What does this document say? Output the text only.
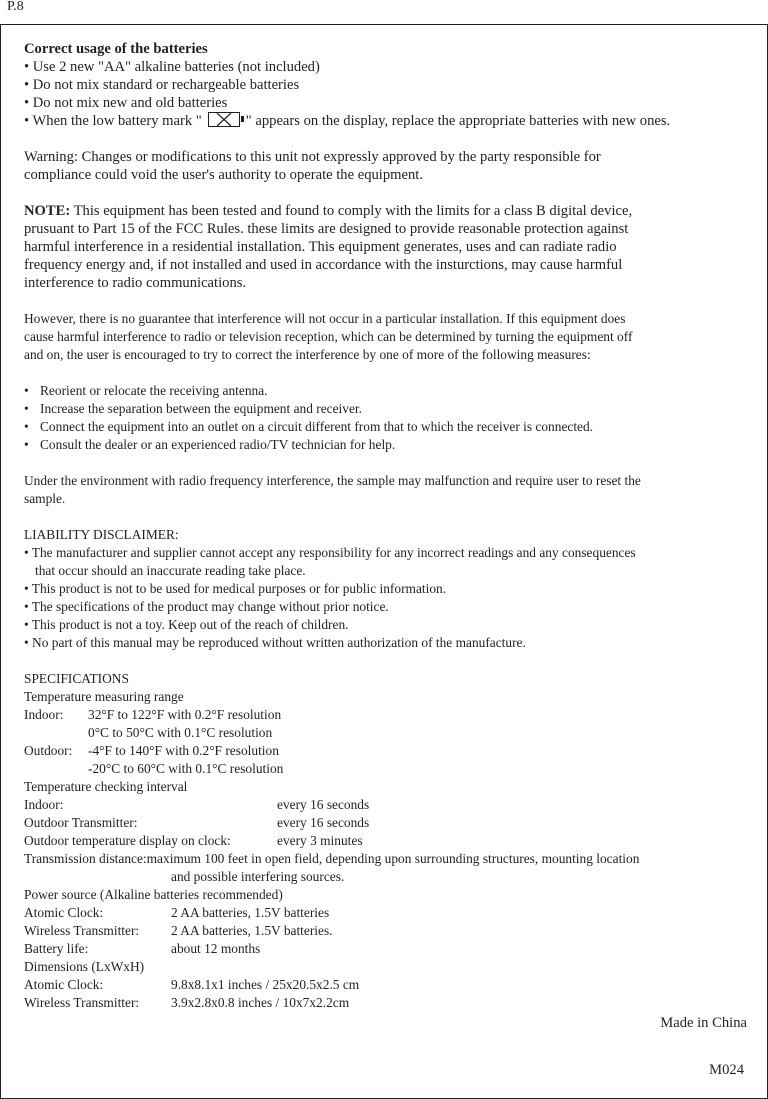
P.8
Correct usage of the batteries
• Use 2 new "AA" alkaline batteries (not included)
• Do not mix standard or rechargeable batteries
• Do not mix new and old batteries
• When the low battery mark "	" appears on the display, replace the appropriate batteries with new ones.
Warning: Changes or modifications to this unit not expressly approved by the party responsible for
compliance could void the user's authority to operate the equipment.
NOTE: This equipment has been tested and found to comply with the limits for a class B digital device,
prusuant to Part 15 of the FCC Rules. these limits are designed to provide reasonable protection against
harmful interference in a residential installation. This equipment generates, uses and can radiate radio
frequency energy and, if not installed and used in accordance with the insturctions, may cause harmful
interference to radio communications.
However, there is no guarantee that interference will not occur in a particular installation. If this equipment does
cause harmful interference to radio or television reception, which can be determined by turning the equipment off
and on, the user is encouraged to try to correct the interference by one of more of the following measures:
• Reorient or relocate the receiving antenna.
• Increase the separation between the equipment and receiver.
• Connect the equipment into an outlet on a circuit different from that to which the receiver is connected.
• Consult the dealer or an experienced radio/TV technician for help.
Under the environment with radio frequency interference, the sample may malfunction and require user to reset the
sample.
LIABILITY DISCLAIMER:
• The manufacturer and supplier cannot accept any responsibility for any incorrect readings and any consequences
that occur should an inaccurate reading take place.
• This product is not to be used for medical purposes or for public information.
• The specifications of the product may change without prior notice.
• This product is not a toy. Keep out of the reach of children.
• No part of this manual may be reproduced without written authorization of the manufacture.
SPECIFICATIONS
Temperature measuring range
Indoor:	32°F to 122°F with 0.2°F resolution
0°C to 50°C with 0.1°C resolution
Outdoor:	-4°F to 140°F with 0.2°F resolution
-20°C to 60°C with 0.1°C resolution
Temperature checking interval
Indoor:	every 16 seconds
Outdoor Transmitter:	every 16 seconds
Outdoor temperature display on clock:	every 3 minutes
Transmission distance: maximum 100 feet in open field, depending upon surrounding structures, mounting location
and possible interfering sources.
Power source (Alkaline batteries recommended)
Atomic Clock:	2 AA batteries, 1.5V batteries
Wireless Transmitter:	2 AA batteries, 1.5V batteries.
Battery life:	about 12 months
Dimensions (LxWxH)
Atomic Clock:	9.8x8.1x1 inches / 25x20.5x2.5 cm
Wireless Transmitter:	3.9x2.8x0.8 inches / 10x7x2.2cm
Made in China
M024
